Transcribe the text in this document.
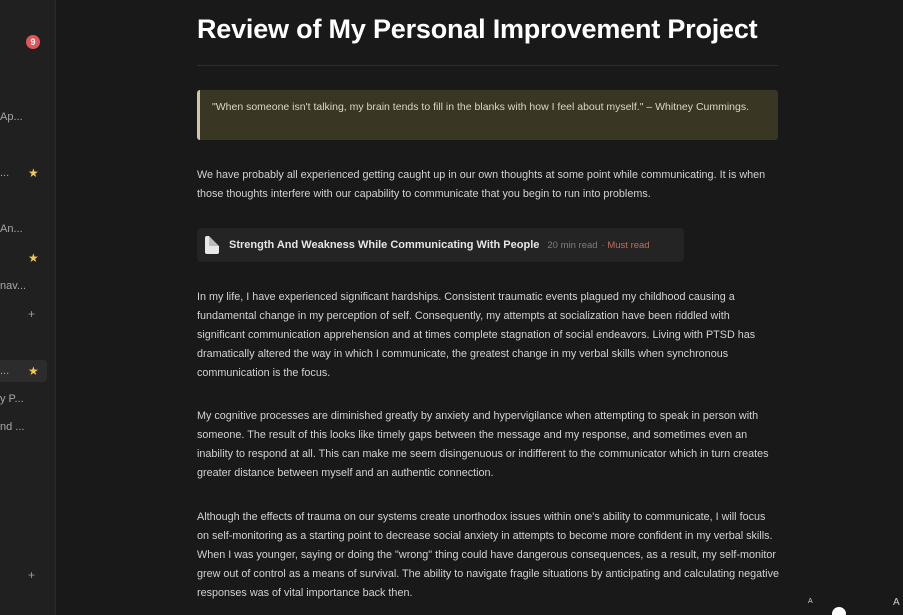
9
Ap...
... ★
An...
★
nav...
+
... ★
y P...
nd ...
+
Review of My Personal Improvement Project
"When someone isn't talking, my brain tends to fill in the blanks with how I feel about myself." – Whitney Cummings.
We have probably all experienced getting caught up in our own thoughts at some point while communicating. It is when those thoughts interfere with our capability to communicate that you begin to run into problems.
Strength And Weakness While Communicating With People 20 min read · Must read
In my life, I have experienced significant hardships. Consistent traumatic events plagued my childhood causing a fundamental change in my perception of self. Consequently, my attempts at socialization have been riddled with significant communication apprehension and at times complete stagnation of social endeavors. Living with PTSD has dramatically altered the way in which I communicate, the greatest change in my verbal skills when synchronous communication is the focus.
My cognitive processes are diminished greatly by anxiety and hypervigilance when attempting to speak in person with someone. The result of this looks like timely gaps between the message and my response, and sometimes even an inability to respond at all. This can make me seem disingenuous or indifferent to the communicator which in turn creates greater distance between myself and an authentic connection.
Although the effects of trauma on our systems create unorthodox issues within one's ability to communicate, I will focus on self-monitoring as a starting point to decrease social anxiety in attempts to become more confident in my verbal skills. When I was younger, saying or doing the "wrong" thing could have dangerous consequences, as a result, my self-monitor grew out of control as a means of survival. The ability to navigate fragile situations by anticipating and calculating negative responses was of vital importance back then.
A	A
